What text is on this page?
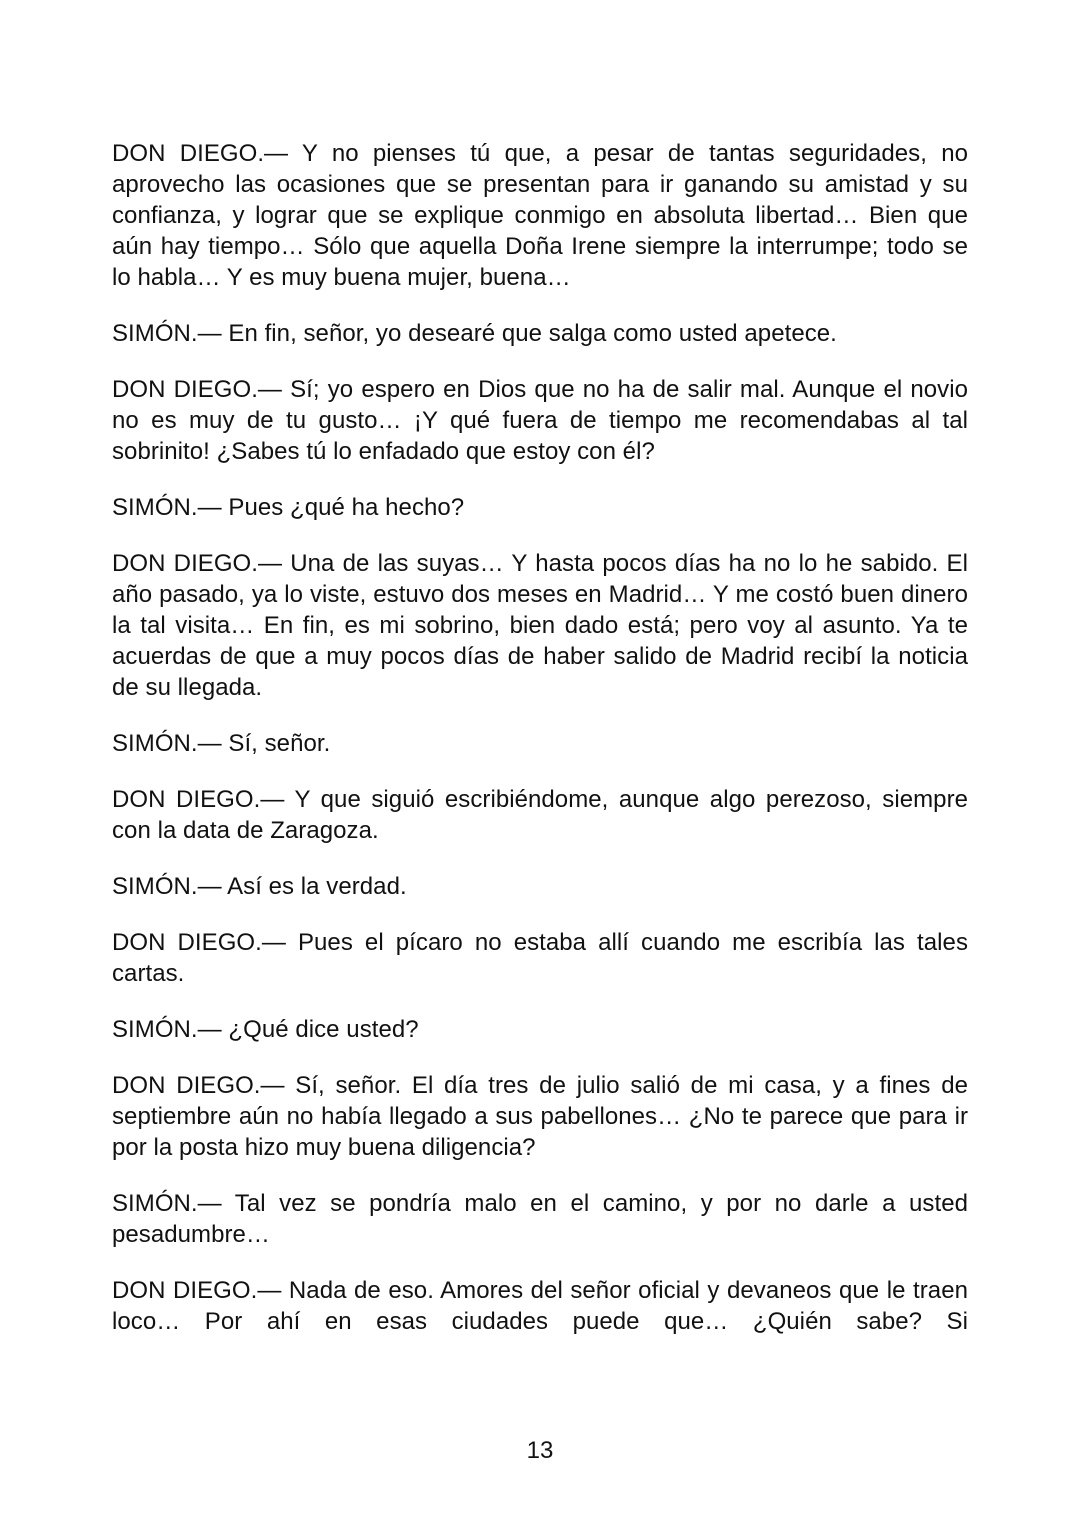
DON DIEGO.— Y no pienses tú que, a pesar de tantas seguridades, no aprovecho las ocasiones que se presentan para ir ganando su amistad y su confianza, y lograr que se explique conmigo en absoluta libertad… Bien que aún hay tiempo… Sólo que aquella Doña Irene siempre la interrumpe; todo se lo habla… Y es muy buena mujer, buena…

SIMÓN.— En fin, señor, yo desearé que salga como usted apetece.

DON DIEGO.— Sí; yo espero en Dios que no ha de salir mal. Aunque el novio no es muy de tu gusto… ¡Y qué fuera de tiempo me recomendabas al tal sobrinito! ¿Sabes tú lo enfadado que estoy con él?

SIMÓN.— Pues ¿qué ha hecho?

DON DIEGO.— Una de las suyas… Y hasta pocos días ha no lo he sabido. El año pasado, ya lo viste, estuvo dos meses en Madrid… Y me costó buen dinero la tal visita… En fin, es mi sobrino, bien dado está; pero voy al asunto. Ya te acuerdas de que a muy pocos días de haber salido de Madrid recibí la noticia de su llegada.

SIMÓN.— Sí, señor.

DON DIEGO.— Y que siguió escribiéndome, aunque algo perezoso, siempre con la data de Zaragoza.

SIMÓN.— Así es la verdad.

DON DIEGO.— Pues el pícaro no estaba allí cuando me escribía las tales cartas.

SIMÓN.— ¿Qué dice usted?

DON DIEGO.— Sí, señor. El día tres de julio salió de mi casa, y a fines de septiembre aún no había llegado a sus pabellones… ¿No te parece que para ir por la posta hizo muy buena diligencia?

SIMÓN.— Tal vez se pondría malo en el camino, y por no darle a usted pesadumbre…

DON DIEGO.— Nada de eso. Amores del señor oficial y devaneos que le traen loco… Por ahí en esas ciudades puede que… ¿Quién sabe? Si

13
